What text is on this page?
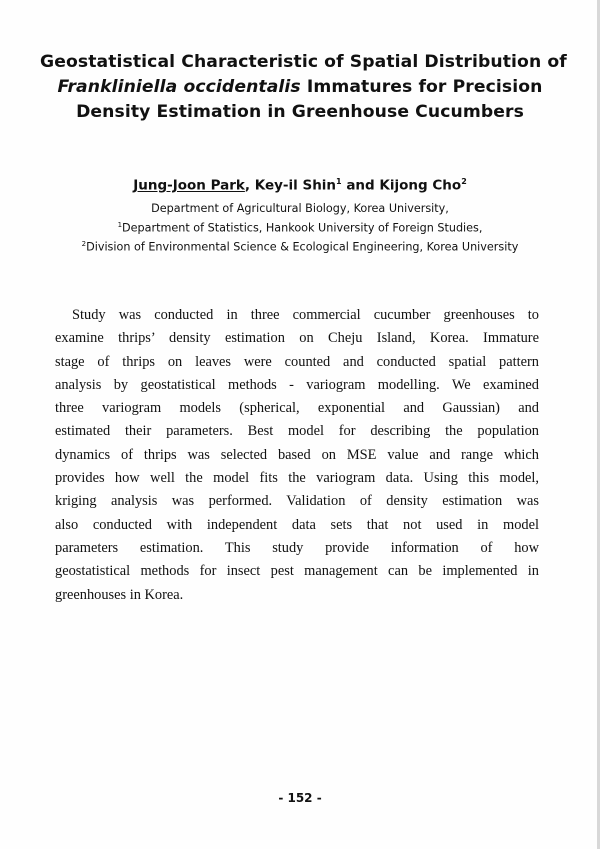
Geostatistical Characteristic of Spatial Distribution of
Frankliniella occidentalis Immatures for Precision
Density Estimation in Greenhouse Cucumbers
Jung-Joon Park, Key-il Shin$^1$ and Kijong Cho$^2$
Department of Agricultural Biology, Korea University,
$^1$Department of Statistics, Hankook University of Foreign Studies,
$^2$Division of Environmental Science & Ecological Engineering, Korea University
Study was conducted in three commercial cucumber greenhouses to
examine thrips’ density estimation on Cheju Island, Korea. Immature
stage of thrips on leaves were counted and conducted spatial pattern
analysis by geostatistical methods - variogram modelling. We examined
three variogram models (spherical, exponential and Gaussian) and
estimated their parameters. Best model for describing the population
dynamics of thrips was selected based on MSE value and range which
provides how well the model fits the variogram data. Using this model,
kriging analysis was performed. Validation of density estimation was
also conducted with independent data sets that not used in model
parameters estimation. This study provide information of how
geostatistical methods for insect pest management can be implemented in
greenhouses in Korea.
- 152 -
